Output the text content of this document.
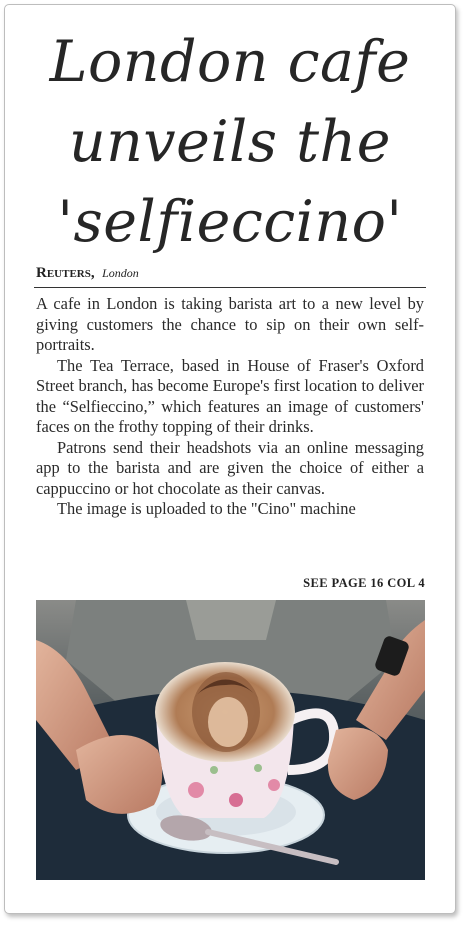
London cafe
unveils the
'selfieccino'
Reuters, London

A cafe in London is taking barista art to a new level by giving customers the chance to sip on their own self-portraits.

The Tea Terrace, based in House of Fraser's Oxford Street branch, has become Europe's first location to deliver the “Selfieccino,” which features an image of customers' faces on the frothy topping of their drinks.

Patrons send their headshots via an online messaging app to the barista and are given the choice of either a cappuccino or hot chocolate as their canvas.

The image is uploaded to the "Cino" machine

SEE PAGE 16 COL 4
